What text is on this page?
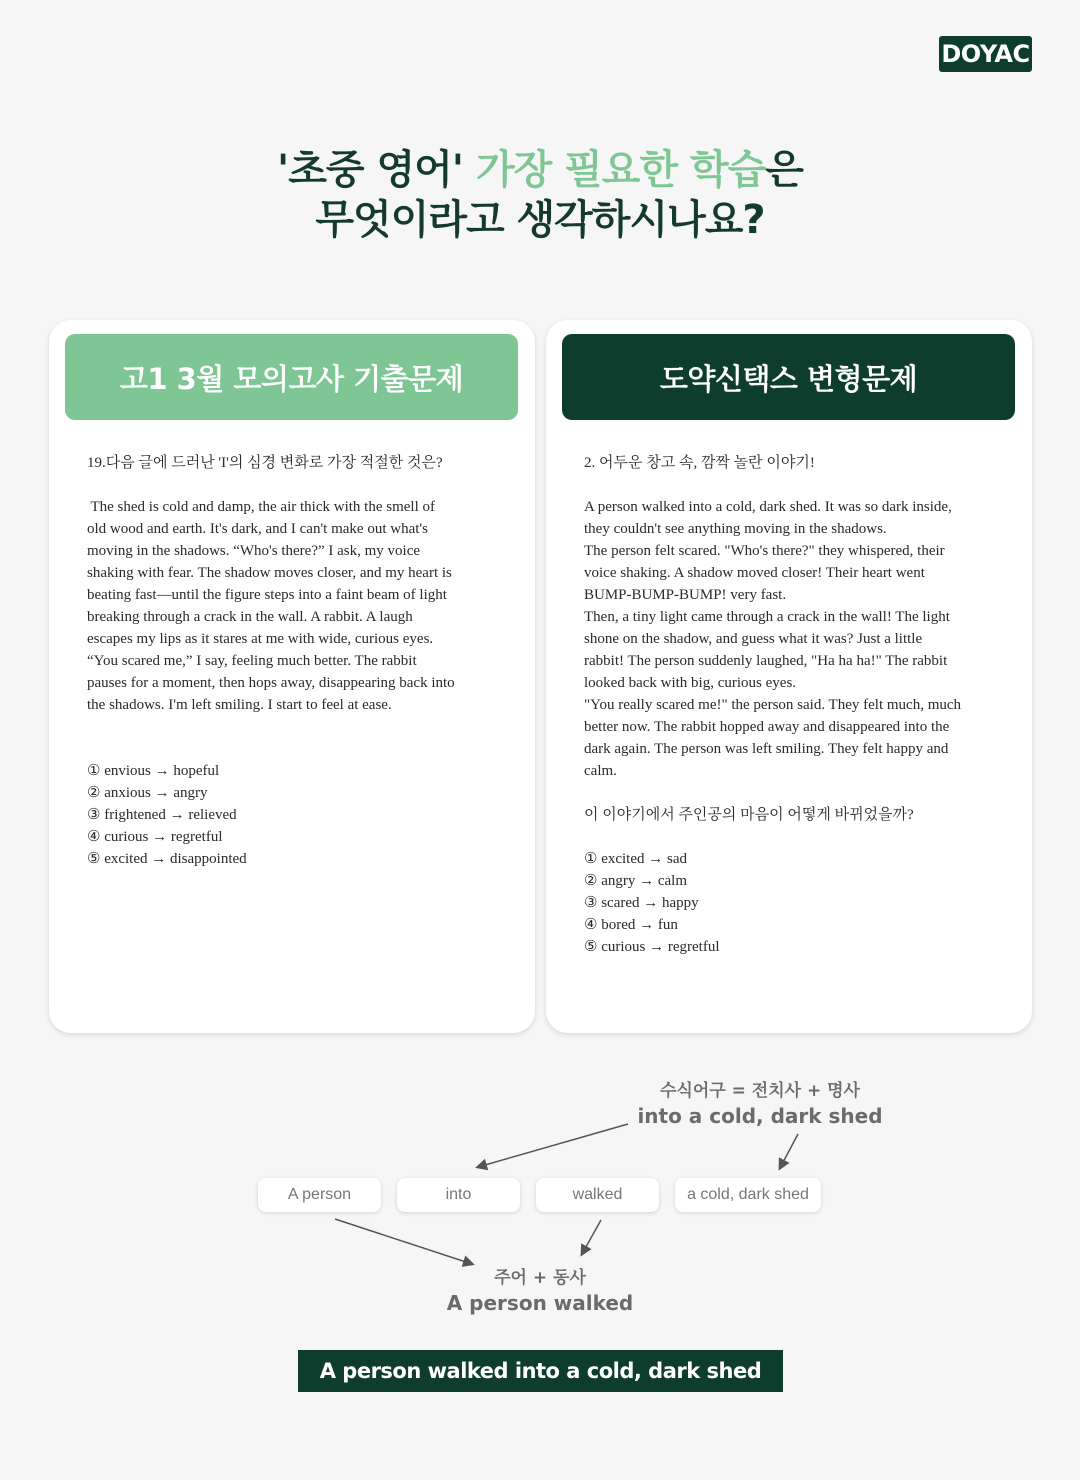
DOYAC
'초중 영어' 가장 필요한 학습은
무엇이라고 생각하시나요?
고1 3월 모의고사 기출문제
19.다음 글에 드러난 'I'의 심경 변화로 가장 적절한 것은?

The shed is cold and damp, the air thick with the smell of

old wood and earth. It's dark, and I can't make out what's

moving in the shadows. “Who's there?” I ask, my voice

shaking with fear. The shadow moves closer, and my heart is

beating fast—until the figure steps into a faint beam of light

breaking through a crack in the wall. A rabbit. A laugh

escapes my lips as it stares at me with wide, curious eyes.

“You scared me,” I say, feeling much better. The rabbit

pauses for a moment, then hops away, disappearing back into

the shadows. I'm left smiling. I start to feel at ease.

① envious → hopeful
② anxious → angry
③ frightened → relieved
④ curious → regretful
⑤ excited → disappointed
도약신택스 변형문제
2. 어두운 창고 속, 깜짝 놀란 이야기!

A person walked into a cold, dark shed. It was so dark inside,

they couldn't see anything moving in the shadows.

The person felt scared. "Who's there?" they whispered, their

voice shaking. A shadow moved closer! Their heart went

BUMP-BUMP-BUMP! very fast.

Then, a tiny light came through a crack in the wall! The light

shone on the shadow, and guess what it was? Just a little

rabbit! The person suddenly laughed, "Ha ha ha!" The rabbit

looked back with big, curious eyes.

"You really scared me!" the person said. They felt much, much

better now. The rabbit hopped away and disappeared into the

dark again. The person was left smiling. They felt happy and

calm.

이 이야기에서 주인공의 마음이 어떻게 바뀌었을까?
① excited → sad
② angry → calm
③ scared → happy
④ bored → fun
⑤ curious → regretful
수식어구 = 전치사 + 명사
into a cold, dark shed
A person	into	walked	a cold, dark shed
주어 + 동사
A person walked
A person walked into a cold, dark shed
